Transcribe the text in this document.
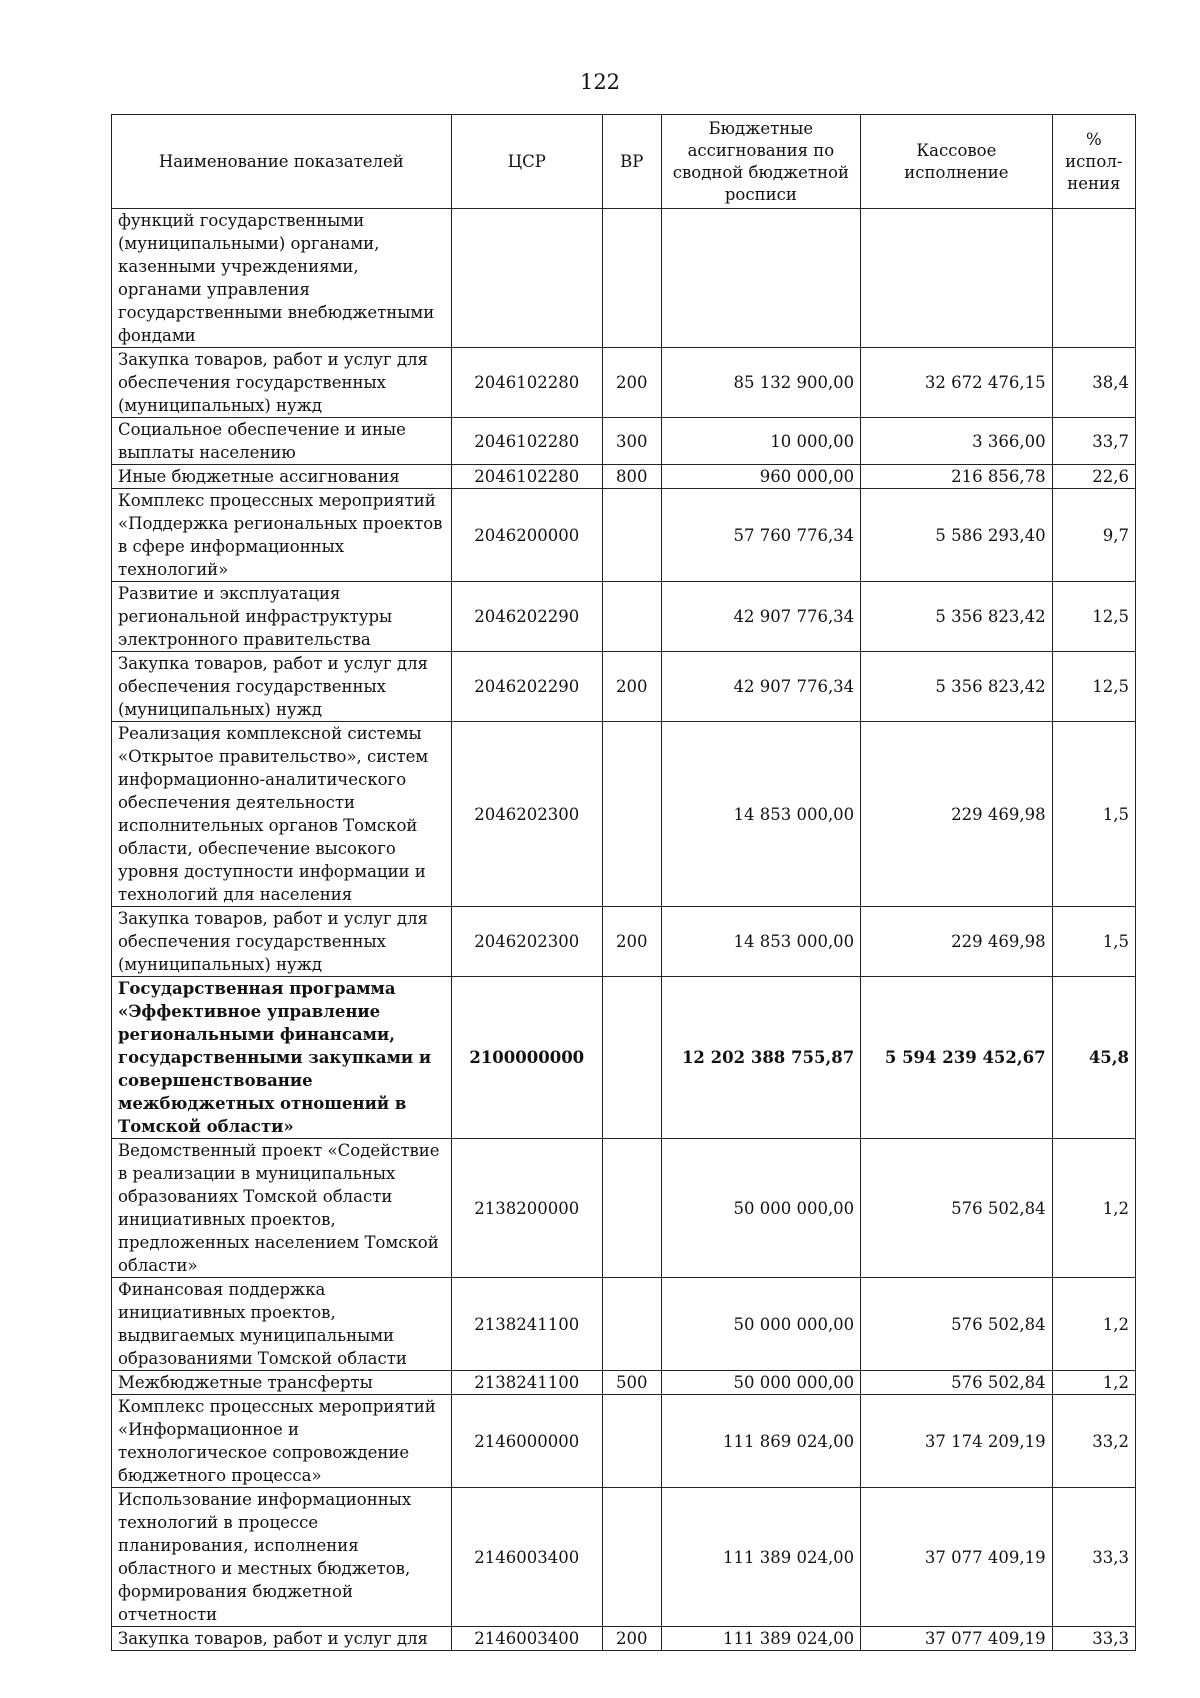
122
Наименование показателей	ЦСР	ВР	Бюджетные ассигнования по сводной бюджетной росписи	Кассовое исполнение	% испол-нения
функций государственными (муниципальными) органами, казенными учреждениями, органами управления государственными внебюджетными фондами					
Закупка товаров, работ и услуг для обеспечения государственных (муниципальных) нужд	2046102280	200	85 132 900,00	32 672 476,15	38,4
Социальное обеспечение и иные выплаты населению	2046102280	300	10 000,00	3 366,00	33,7
Иные бюджетные ассигнования	2046102280	800	960 000,00	216 856,78	22,6
Комплекс процессных мероприятий «Поддержка региональных проектов в сфере информационных технологий»	2046200000		57 760 776,34	5 586 293,40	9,7
Развитие и эксплуатация региональной инфраструктуры электронного правительства	2046202290		42 907 776,34	5 356 823,42	12,5
Закупка товаров, работ и услуг для обеспечения государственных (муниципальных) нужд	2046202290	200	42 907 776,34	5 356 823,42	12,5
Реализация комплексной системы «Открытое правительство», систем информационно-аналитического обеспечения деятельности исполнительных органов Томской области, обеспечение высокого уровня доступности информации и технологий для населения	2046202300		14 853 000,00	229 469,98	1,5
Закупка товаров, работ и услуг для обеспечения государственных (муниципальных) нужд	2046202300	200	14 853 000,00	229 469,98	1,5
Государственная программа «Эффективное управление региональными финансами, государственными закупками и совершенствование межбюджетных отношений в Томской области»	2100000000		12 202 388 755,87	5 594 239 452,67	45,8
Ведомственный проект «Содействие в реализации в муниципальных образованиях Томской области инициативных проектов, предложенных населением Томской области»	2138200000		50 000 000,00	576 502,84	1,2
Финансовая поддержка инициативных проектов, выдвигаемых муниципальными образованиями Томской области	2138241100		50 000 000,00	576 502,84	1,2
Межбюджетные трансферты	2138241100	500	50 000 000,00	576 502,84	1,2
Комплекс процессных мероприятий «Информационное и технологическое сопровождение бюджетного процесса»	2146000000		111 869 024,00	37 174 209,19	33,2
Использование информационных технологий в процессе планирования, исполнения областного и местных бюджетов, формирования бюджетной отчетности	2146003400		111 389 024,00	37 077 409,19	33,3
Закупка товаров, работ и услуг для	2146003400	200	111 389 024,00	37 077 409,19	33,3
